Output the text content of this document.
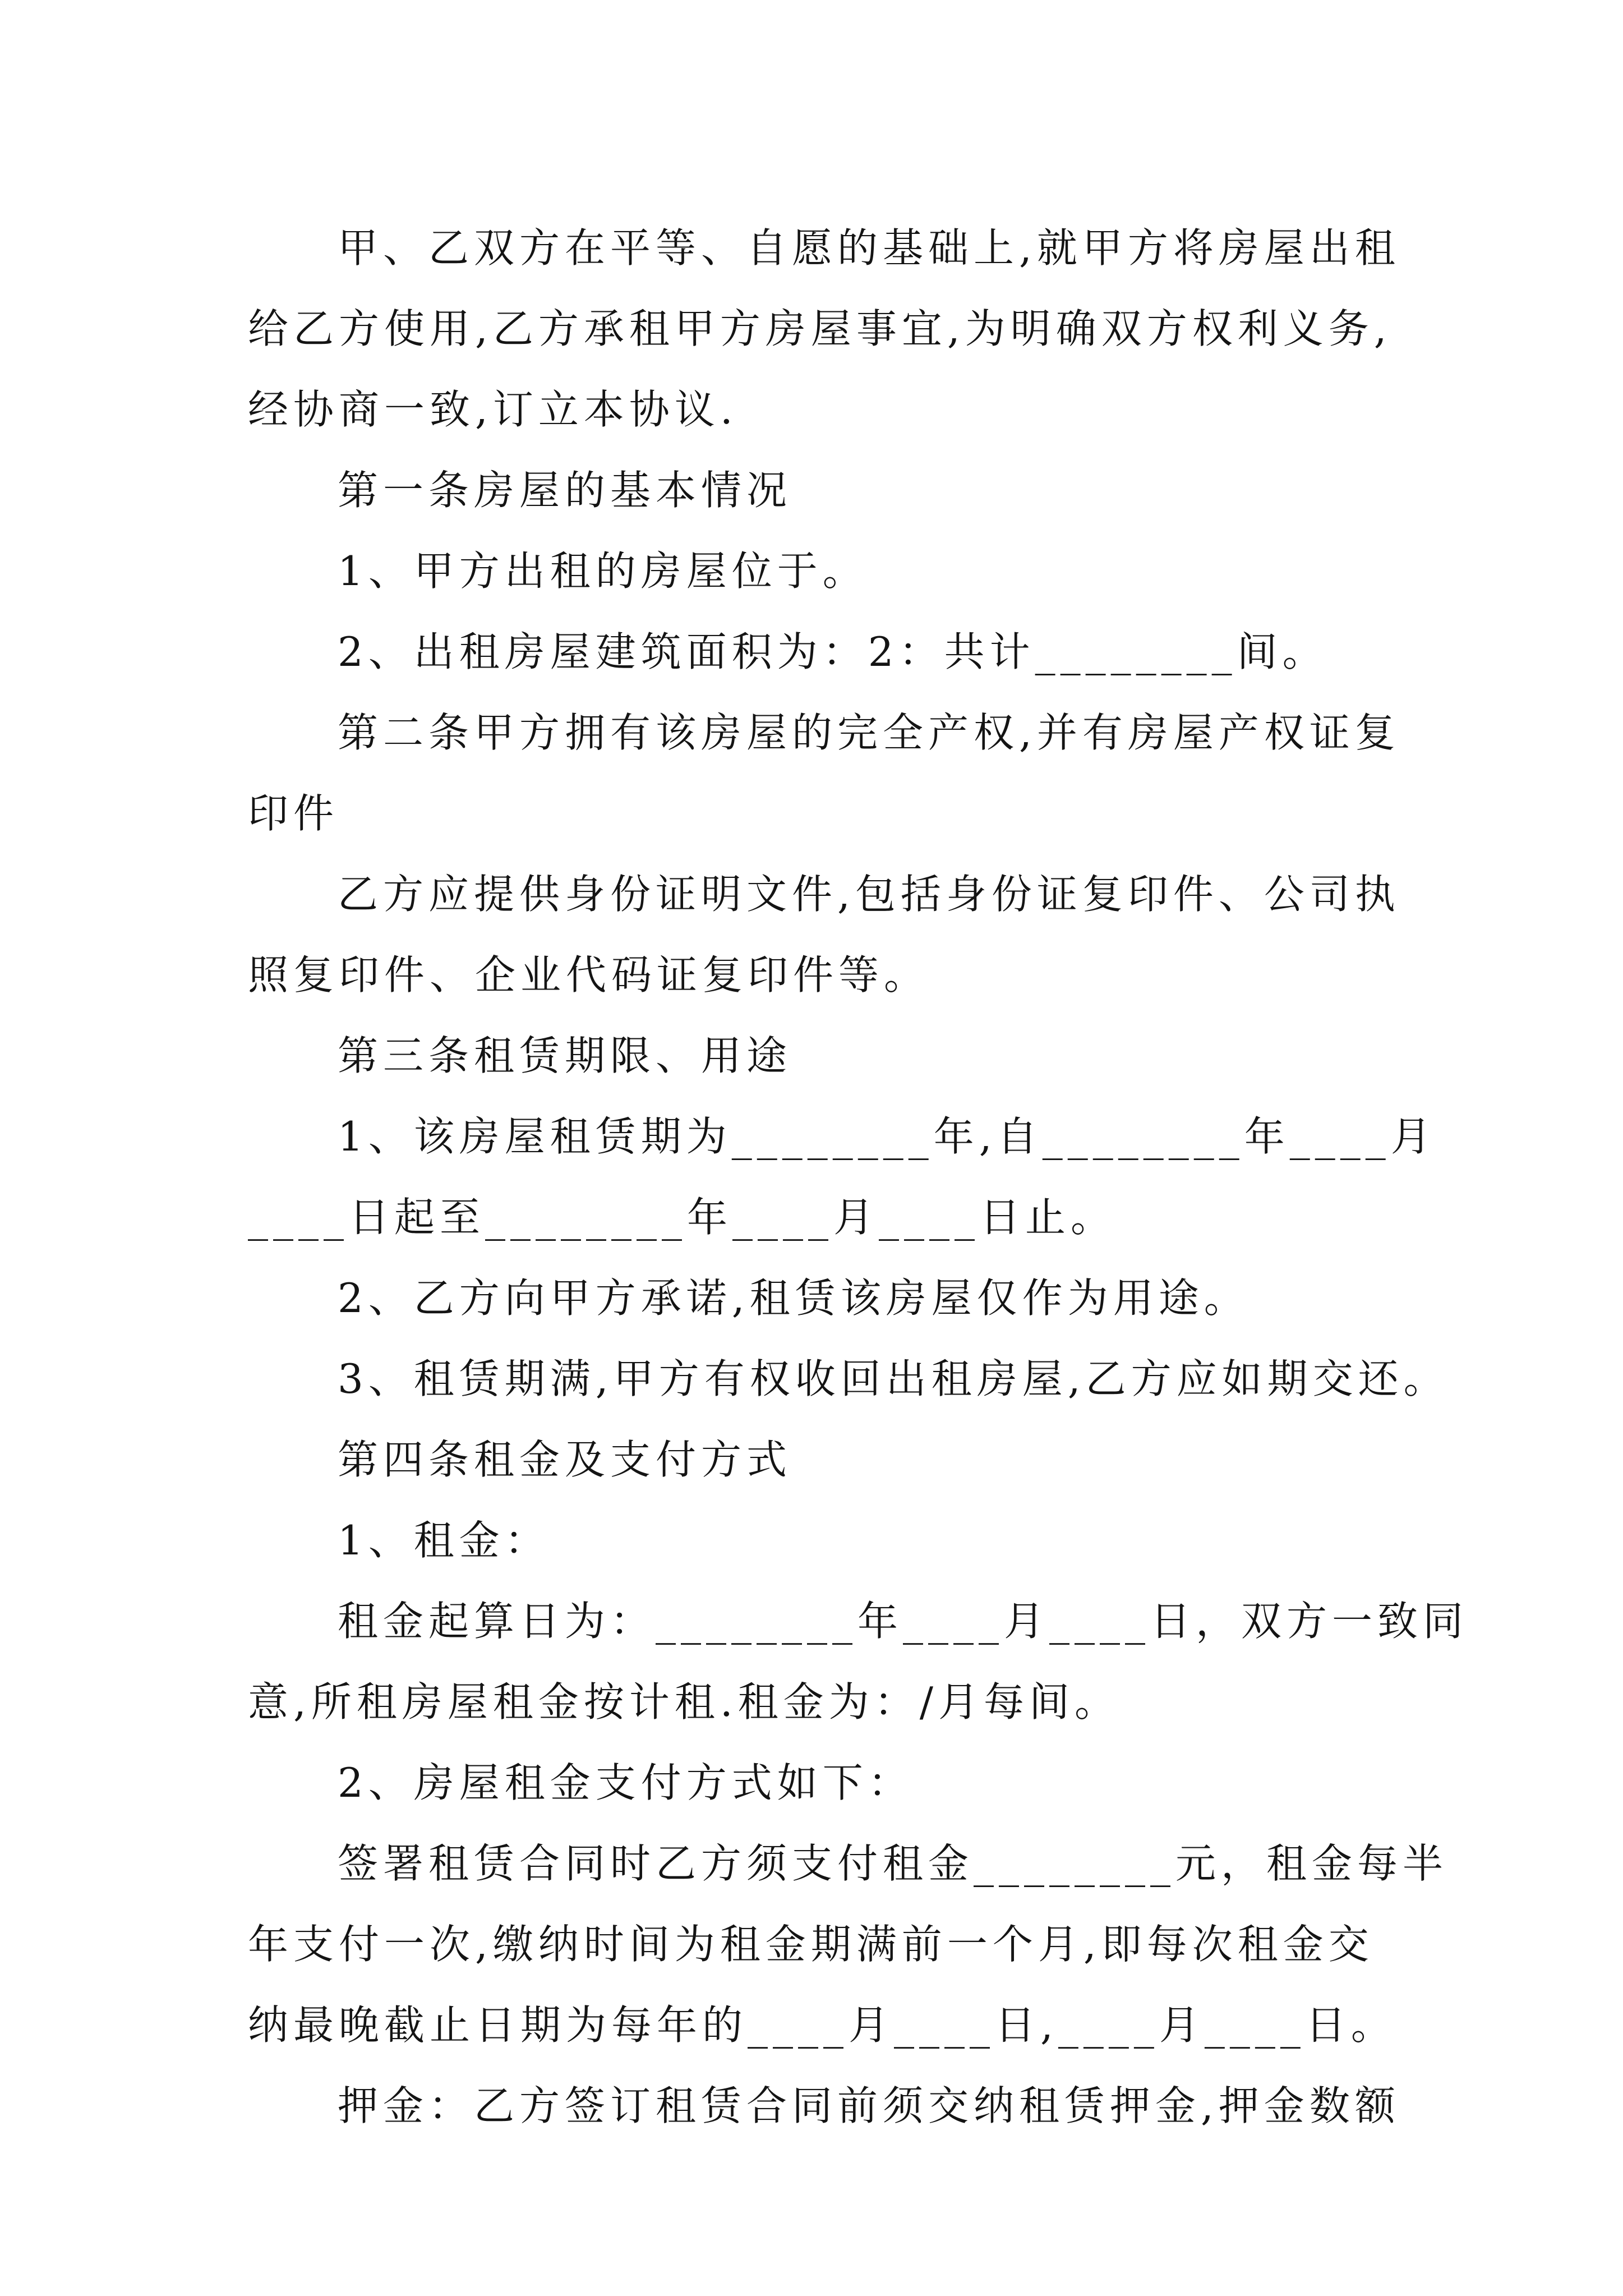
甲、乙双方在平等、自愿的基础上,就甲方将房屋出租
给乙方使用,乙方承租甲方房屋事宜,为明确双方权利义务,
经协商一致,订立本协议.
第一条房屋的基本情况
1、甲方出租的房屋位于。
2、出租房屋建筑面积为：2：共计________间。
第二条甲方拥有该房屋的完全产权,并有房屋产权证复
印件
乙方应提供身份证明文件,包括身份证复印件、公司执
照复印件、企业代码证复印件等。
第三条租赁期限、用途
1、该房屋租赁期为________年,自________年____月
____日起至________年____月____日止。
2、乙方向甲方承诺,租赁该房屋仅作为用途。
3、租赁期满,甲方有权收回出租房屋,乙方应如期交还。
第四条租金及支付方式
1、租金：
租金起算日为：________年____月____日，双方一致同
意,所租房屋租金按计租.租金为：/月每间。
2、房屋租金支付方式如下：
签署租赁合同时乙方须支付租金________元，租金每半
年支付一次,缴纳时间为租金期满前一个月,即每次租金交
纳最晚截止日期为每年的____月____日,____月____日。
押金：乙方签订租赁合同前须交纳租赁押金,押金数额
